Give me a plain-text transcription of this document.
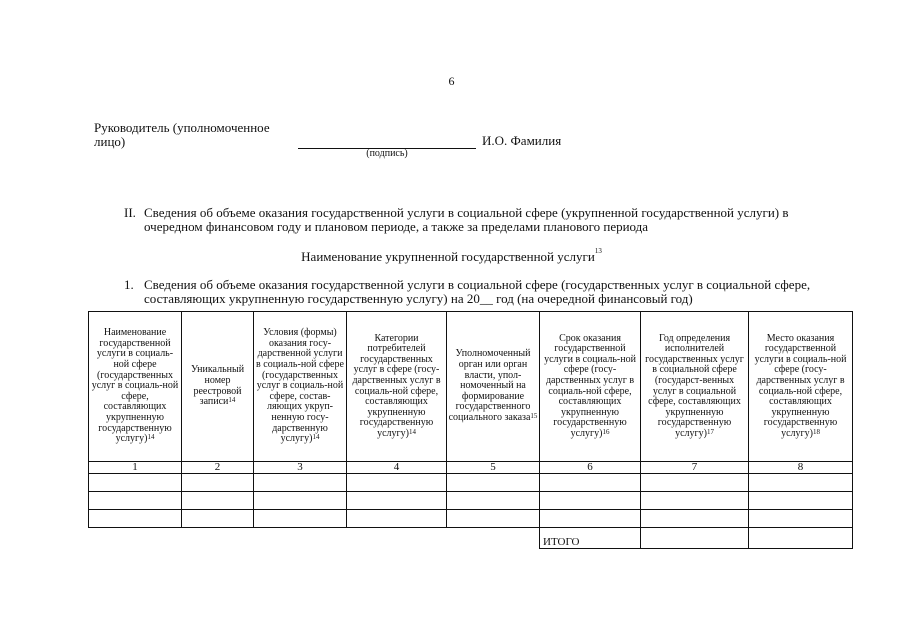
6
Руководитель (уполномоченное лицо)
(подпись)
И.О. Фамилия
II. Сведения об объеме оказания государственной услуги в социальной сфере (укрупненной государственной услуги) в очередном финансовом году и плановом периоде, а также за пределами планового периода
Наименование укрупненной государственной услуги$^{13}$
1. Сведения об объеме оказания государственной услуги в социальной сфере (государственных услуг в социальной сфере, составляющих укрупненную государственную услугу) на 20__ год (на очередной финансовый год)
Наименование государственной услуги в социаль-ной сфере (государственных услуг в социаль-ной сфере, составляющих укрупненную государственную услугу)$^{14}$	Уникальный номер реестровой записи$^{14}$	Условия (формы) оказания госу-дарственной услуги в социаль-ной сфере (государственных услуг в социаль-ной сфере, состав-ляющих укруп-ненную госу-дарственную услугу)$^{14}$	Категории потребителей государственных услуг в сфере (госу-дарственных услуг в социаль-ной сфере, составляющих укрупненную государственную услугу)$^{14}$	Уполномоченный орган или орган власти, упол-номоченный на формирование государственного социального заказа$^{15}$	Срок оказания государственной услуги в социаль-ной сфере (госу-дарственных услуг в социаль-ной сфере, составляющих укрупненную государственную услугу)$^{16}$	Год определения исполнителей государственных услуг в социальной сфере (государст-венных услуг в социальной сфере, составляющих укрупненную государственную услугу)$^{17}$	Место оказания государственной услуги в социаль-ной сфере (госу-дарственных услуг в социаль-ной сфере, составляющих укрупненную государственную услугу)$^{18}$
1	2	3	4	5	6	7	8

					ИТОГО		
